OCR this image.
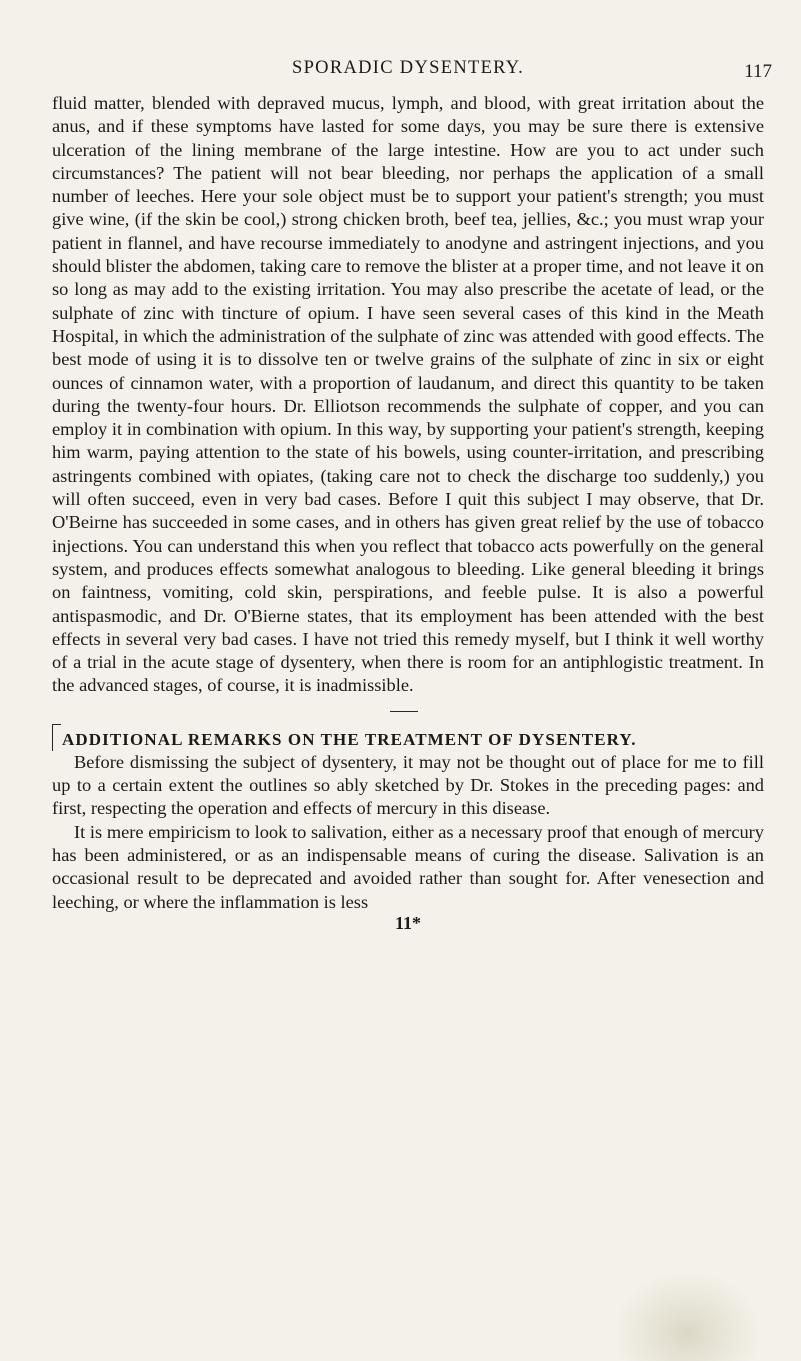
SPORADIC DYSENTERY.	117

fluid matter, blended with depraved mucus, lymph, and blood, with great irritation about the anus, and if these symptoms have lasted for some days, you may be sure there is extensive ulceration of the lining membrane of the large intestine. How are you to act under such circumstances? The patient will not bear bleeding, nor perhaps the application of a small number of leeches. Here your sole object must be to support your patient's strength; you must give wine, (if the skin be cool,) strong chicken broth, beef tea, jellies, &c.; you must wrap your patient in flannel, and have recourse immediately to anodyne and astringent injections, and you should blister the abdomen, taking care to remove the blister at a proper time, and not leave it on so long as may add to the existing irritation. You may also prescribe the acetate of lead, or the sulphate of zinc with tincture of opium. I have seen several cases of this kind in the Meath Hospital, in which the administration of the sulphate of zinc was attended with good effects. The best mode of using it is to dissolve ten or twelve grains of the sulphate of zinc in six or eight ounces of cinnamon water, with a proportion of laudanum, and direct this quantity to be taken during the twenty-four hours. Dr. Elliotson recommends the sulphate of copper, and you can employ it in combination with opium. In this way, by supporting your patient's strength, keeping him warm, paying attention to the state of his bowels, using counter-irritation, and prescribing astringents combined with opiates, (taking care not to check the discharge too suddenly,) you will often succeed, even in very bad cases. Before I quit this subject I may observe, that Dr. O'Beirne has succeeded in some cases, and in others has given great relief by the use of tobacco injections. You can understand this when you reflect that tobacco acts powerfully on the general system, and produces effects somewhat analogous to bleeding. Like general bleeding it brings on faintness, vomiting, cold skin, perspirations, and feeble pulse. It is also a powerful antispasmodic, and Dr. O'Bierne states, that its employment has been attended with the best effects in several very bad cases. I have not tried this remedy myself, but I think it well worthy of a trial in the acute stage of dysentery, when there is room for an antiphlogistic treatment. In the advanced stages, of course, it is inadmissible.

ADDITIONAL REMARKS ON THE TREATMENT OF DYSENTERY.

Before dismissing the subject of dysentery, it may not be thought out of place for me to fill up to a certain extent the outlines so ably sketched by Dr. Stokes in the preceding pages: and first, respecting the operation and effects of mercury in this disease.

It is mere empiricism to look to salivation, either as a necessary proof that enough of mercury has been administered, or as an indispensable means of curing the disease. Salivation is an occasional result to be deprecated and avoided rather than sought for. After venesection and leeching, or where the inflammation is less

11*
